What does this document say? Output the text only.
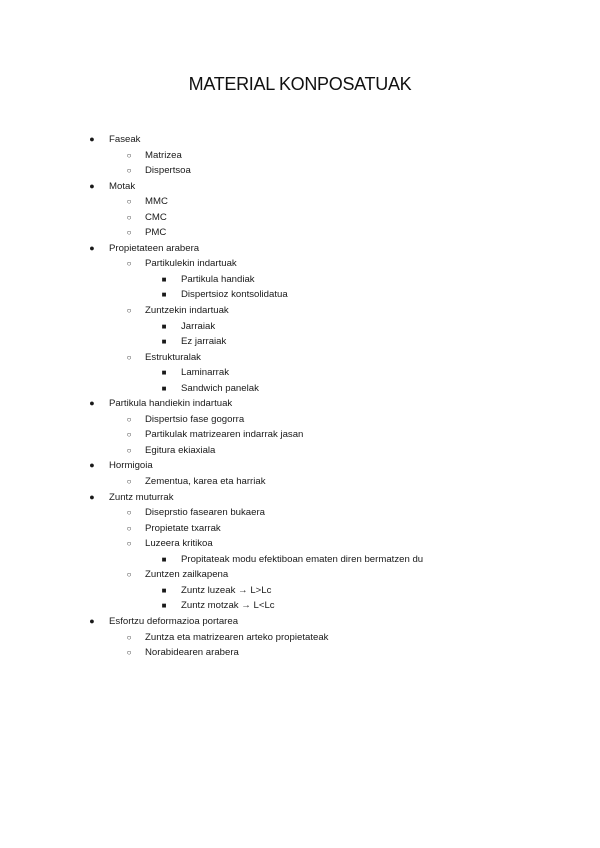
MATERIAL KONPOSATUAK
● Faseak
○ Matrizea
○ Dispertsoa
● Motak
○ MMC
○ CMC
○ PMC
● Propietateen arabera
○ Partikulekin indartuak
■ Partikula handiak
■ Dispertsioz kontsolidatua
○ Zuntzekin indartuak
■ Jarraiak
■ Ez jarraiak
○ Estrukturalak
■ Laminarrak
■ Sandwich panelak
● Partikula handiekin indartuak
○ Dispertsio fase gogorra
○ Partikulak matrizearen indarrak jasan
○ Egitura ekiaxiala
● Hormigoia
○ Zementua, karea eta harriak
● Zuntz muturrak
○ Diseprstio fasearen bukaera
○ Propietate txarrak
○ Luzeera kritikoa
■ Propitateak modu efektiboan ematen diren bermatzen du
○ Zuntzen zailkapena
■ Zuntz luzeak → L>Lc
■ Zuntz motzak → L<Lc
● Esfortzu deformazioa portarea
○ Zuntza eta matrizearen arteko propietateak
○ Norabidearen arabera
